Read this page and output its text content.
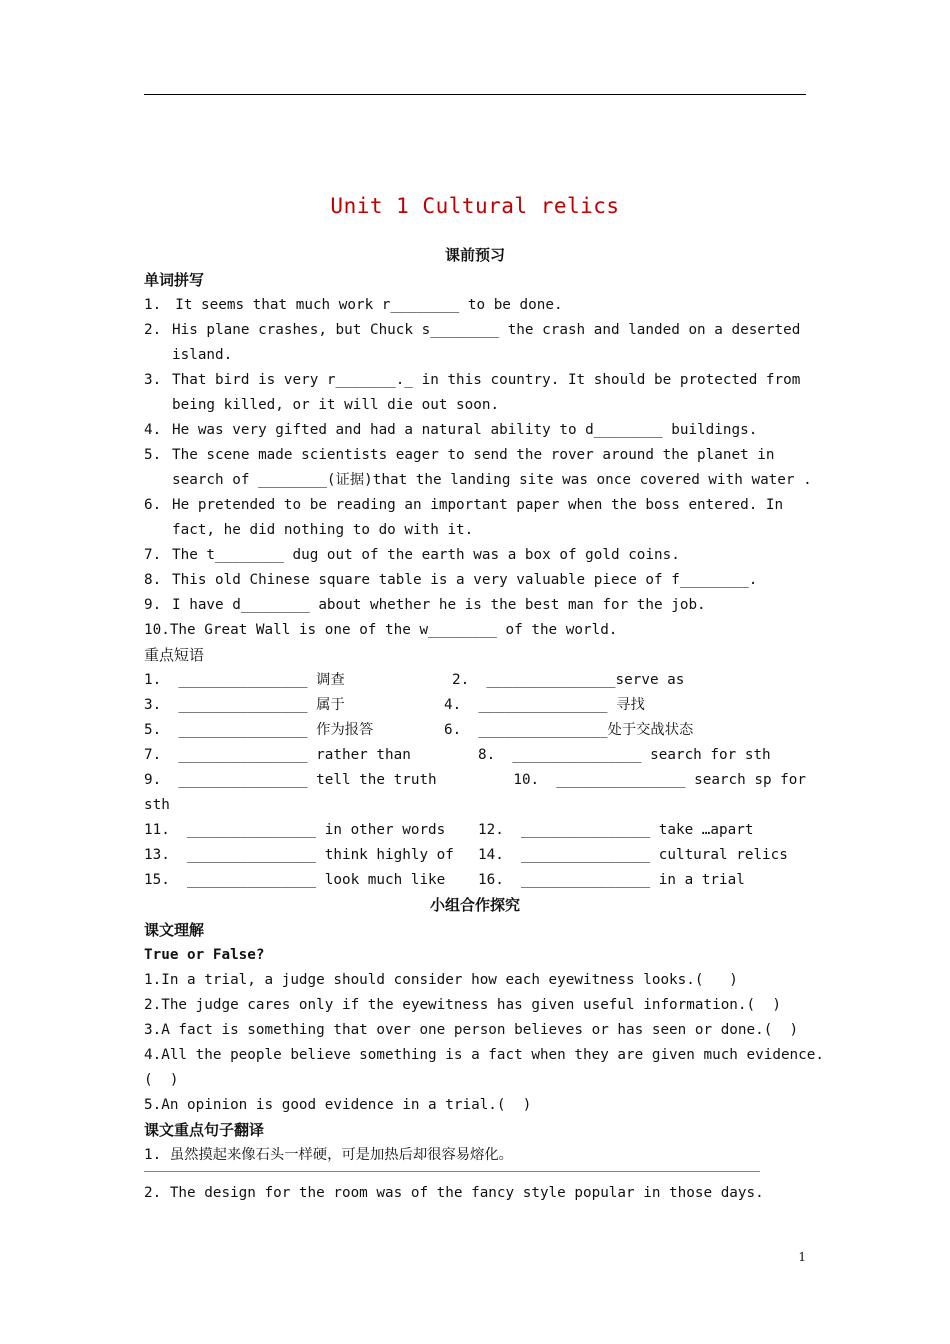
Unit 1 Cultural relics
课前预习
单词拼写
1. It seems that much work r________ to be done.
2. His plane crashes, but Chuck s________ the crash and landed on a deserted
island.
3. That bird is very r_______._ in this country. It should be protected from
being killed, or it will die out soon.
4. He was very gifted and had a natural ability to d________ buildings.
5. The scene made scientists eager to send the rover around the planet in
search of ________(证据)that the landing site was once covered with water .
6. He pretended to be reading an important paper when the boss entered. In
fact, he did nothing to do with it.
7. The t________ dug out of the earth was a box of gold coins.
8. This old Chinese square table is a very valuable piece of f________.
9. I have d________ about whether he is the best man for the job.
10. The Great Wall is one of the w________ of the world.
重点短语
1.  _______________ 调查	2.  _______________serve as
3.  _______________ 属于	4.  _______________ 寻找
5.  _______________ 作为报答	6.  _______________处于交战状态
7.  _______________ rather than	8.  _______________ search for sth
9.  _______________ tell the truth	10.  _______________ search sp for
sth
11.  _______________ in other words	12.  _______________ take …apart
13.  _______________ think highly of	14.  _______________ cultural relics
15.  _______________ look much like	16.  _______________ in a trial
小组合作探究
课文理解
True or False?
1.In a trial, a judge should consider how each eyewitness looks.(   )
2.The judge cares only if the eyewitness has given useful information.(  )
3.A fact is something that over one person believes or has seen or done.(  )
4.All the people believe something is a fact when they are given much evidence.
(  )
5.An opinion is good evidence in a trial.(  )
课文重点句子翻译
1. 虽然摸起来像石头一样硬，可是加热后却很容易熔化。
2. The design for the room was of the fancy style popular in those days.
1
